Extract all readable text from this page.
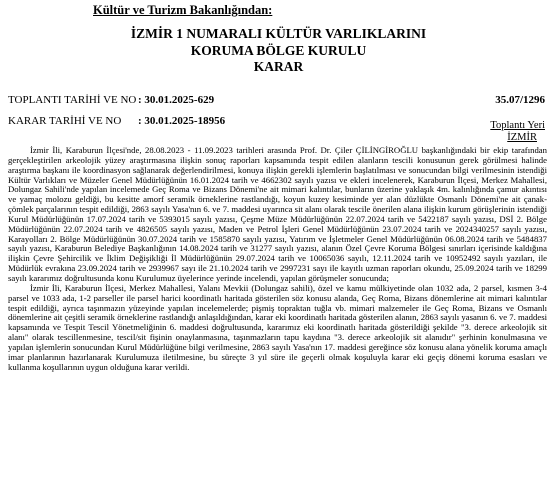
Kültür ve Turizm Bakanlığından:
İZMİR 1 NUMARALI KÜLTÜR VARLIKLARINI
KORUMA BÖLGE KURULU
KARAR
TOPLANTI TARİHİ VE NO : 30.01.2025-629	35.07/1296
KARAR TARİHİ VE NO : 30.01.2025-18956	Toplantı Yeri
İZMİR

İzmir İli, Karaburun İlçesi'nde, 28.08.2023 - 11.09.2023 tarihleri arasında Prof. Dr. Çiler ÇİLİNGİROĞLU başkanlığındaki bir ekip tarafından gerçekleştirilen arkeolojik yüzey araştırmasına ilişkin sonuç raporları kapsamında tespit edilen alanların tescili konusunun gerek görülmesi halinde araştırma başkanı ile koordinasyon sağlanarak değerlendirilmesi, konuya ilişkin gerekli işlemlerin başlatılması ve sonucundan bilgi verilmesinin istendiği Kültür Varlıkları ve Müzeler Genel Müdürlüğünün 16.01.2024 tarih ve 4662302 sayılı yazısı ve ekleri incelenerek, Karaburun İlçesi, Merkez Mahallesi, Dolungaz Sahili'nde yapılan incelemede Geç Roma ve Bizans Dönemi'ne ait mimari kalıntılar, bunların üzerine yaklaşık 4m. kalınlığında çamur akıntısı ve yamaç molozu geldiği, bu kesitte amorf seramik örneklerine rastlandığı, koyun kuzey kesiminde yer alan düzlükte Osmanlı Dönemi'ne ait çanak-çömlek parçalarının tespit edildiği, 2863 sayılı Yasa'nın 6. ve 7. maddesi uyarınca sit alanı olarak tescile önerilen alana ilişkin kurum görüşlerinin istendiği Kurul Müdürlüğünün 17.07.2024 tarih ve 5393015 sayılı yazısı, Çeşme Müze Müdürlüğünün 22.07.2024 tarih ve 5422187 sayılı yazısı, DSİ 2. Bölge Müdürlüğünün 22.07.2024 tarih ve 4826505 sayılı yazısı, Maden ve Petrol İşleri Genel Müdürlüğünün 23.07.2024 tarih ve 2024340257 sayılı yazısı, Karayolları 2. Bölge Müdürlüğünün 30.07.2024 tarih ve 1585870 sayılı yazısı, Yatırım ve İşletmeler Genel Müdürlüğünün 06.08.2024 tarih ve 5484837 sayılı yazısı, Karaburun Belediye Başkanlığının 14.08.2024 tarih ve 31277 sayılı yazısı, alanın Özel Çevre Koruma Bölgesi sınırları içerisinde kaldığına ilişkin Çevre Şehircilik ve İklim Değişikliği İl Müdürlüğünün 29.07.2024 tarih ve 10065036 sayılı, 12.11.2024 tarih ve 10952492 sayılı yazıları, ile Müdürlük evrakına 23.09.2024 tarih ve 2939967 sayı ile 21.10.2024 tarih ve 2997231 sayı ile kayıtlı uzman raporları okundu, 25.09.2024 tarih ve 18299 sayılı kararımız doğrultusunda konu Kurulumuz üyelerince yerinde incelendi, yapılan görüşmeler sonucunda;

İzmir İli, Karaburun İlçesi, Merkez Mahallesi, Yalanı Mevkii (Dolungaz sahili), özel ve kamu mülkiyetinde olan 1032 ada, 2 parsel, kısmen 3-4 parsel ve 1033 ada, 1-2 parseller ile parsel harici koordinatlı haritada gösterilen söz konusu alanda, Geç Roma, Bizans dönemlerine ait mimari kalıntılar tespit edildiği, ayrıca taşınmazın yüzeyinde yapılan incelemelerde; pişmiş topraktan tuğla vb. mimari malzemeler ile Geç Roma, Bizans ve Osmanlı dönemlerine ait çeşitli seramik örneklerine rastlandığı anlaşıldığından, karar eki koordinatlı haritada gösterilen alanın, 2863 sayılı yasanın 6. ve 7. maddesi kapsamında ve Tespit Tescil Yönetmeliğinin 6. maddesi doğrultusunda, kararımız eki koordinatlı haritada gösterildiği şekilde "3. derece arkeolojik sit alanı" olarak tescillenmesine, tescil/sit fişinin onaylanmasına, taşınmazların tapu kaydına "3. derece arkeolojik sit alanıdır" şerhinin konulmasına ve yapılan işlemlerin sonucundan Kurul Müdürlüğüne bilgi verilmesine, 2863 sayılı Yasa'nın 17. maddesi gereğince söz konusu alana yönelik koruma amaçlı imar planlarının hazırlanarak Kurulumuza iletilmesine, bu süreçte 3 yıl süre ile geçerli olmak koşuluyla karar eki geçiş dönemi koruma esasları ve kullanma koşullarının uygun olduğuna karar verildi.
